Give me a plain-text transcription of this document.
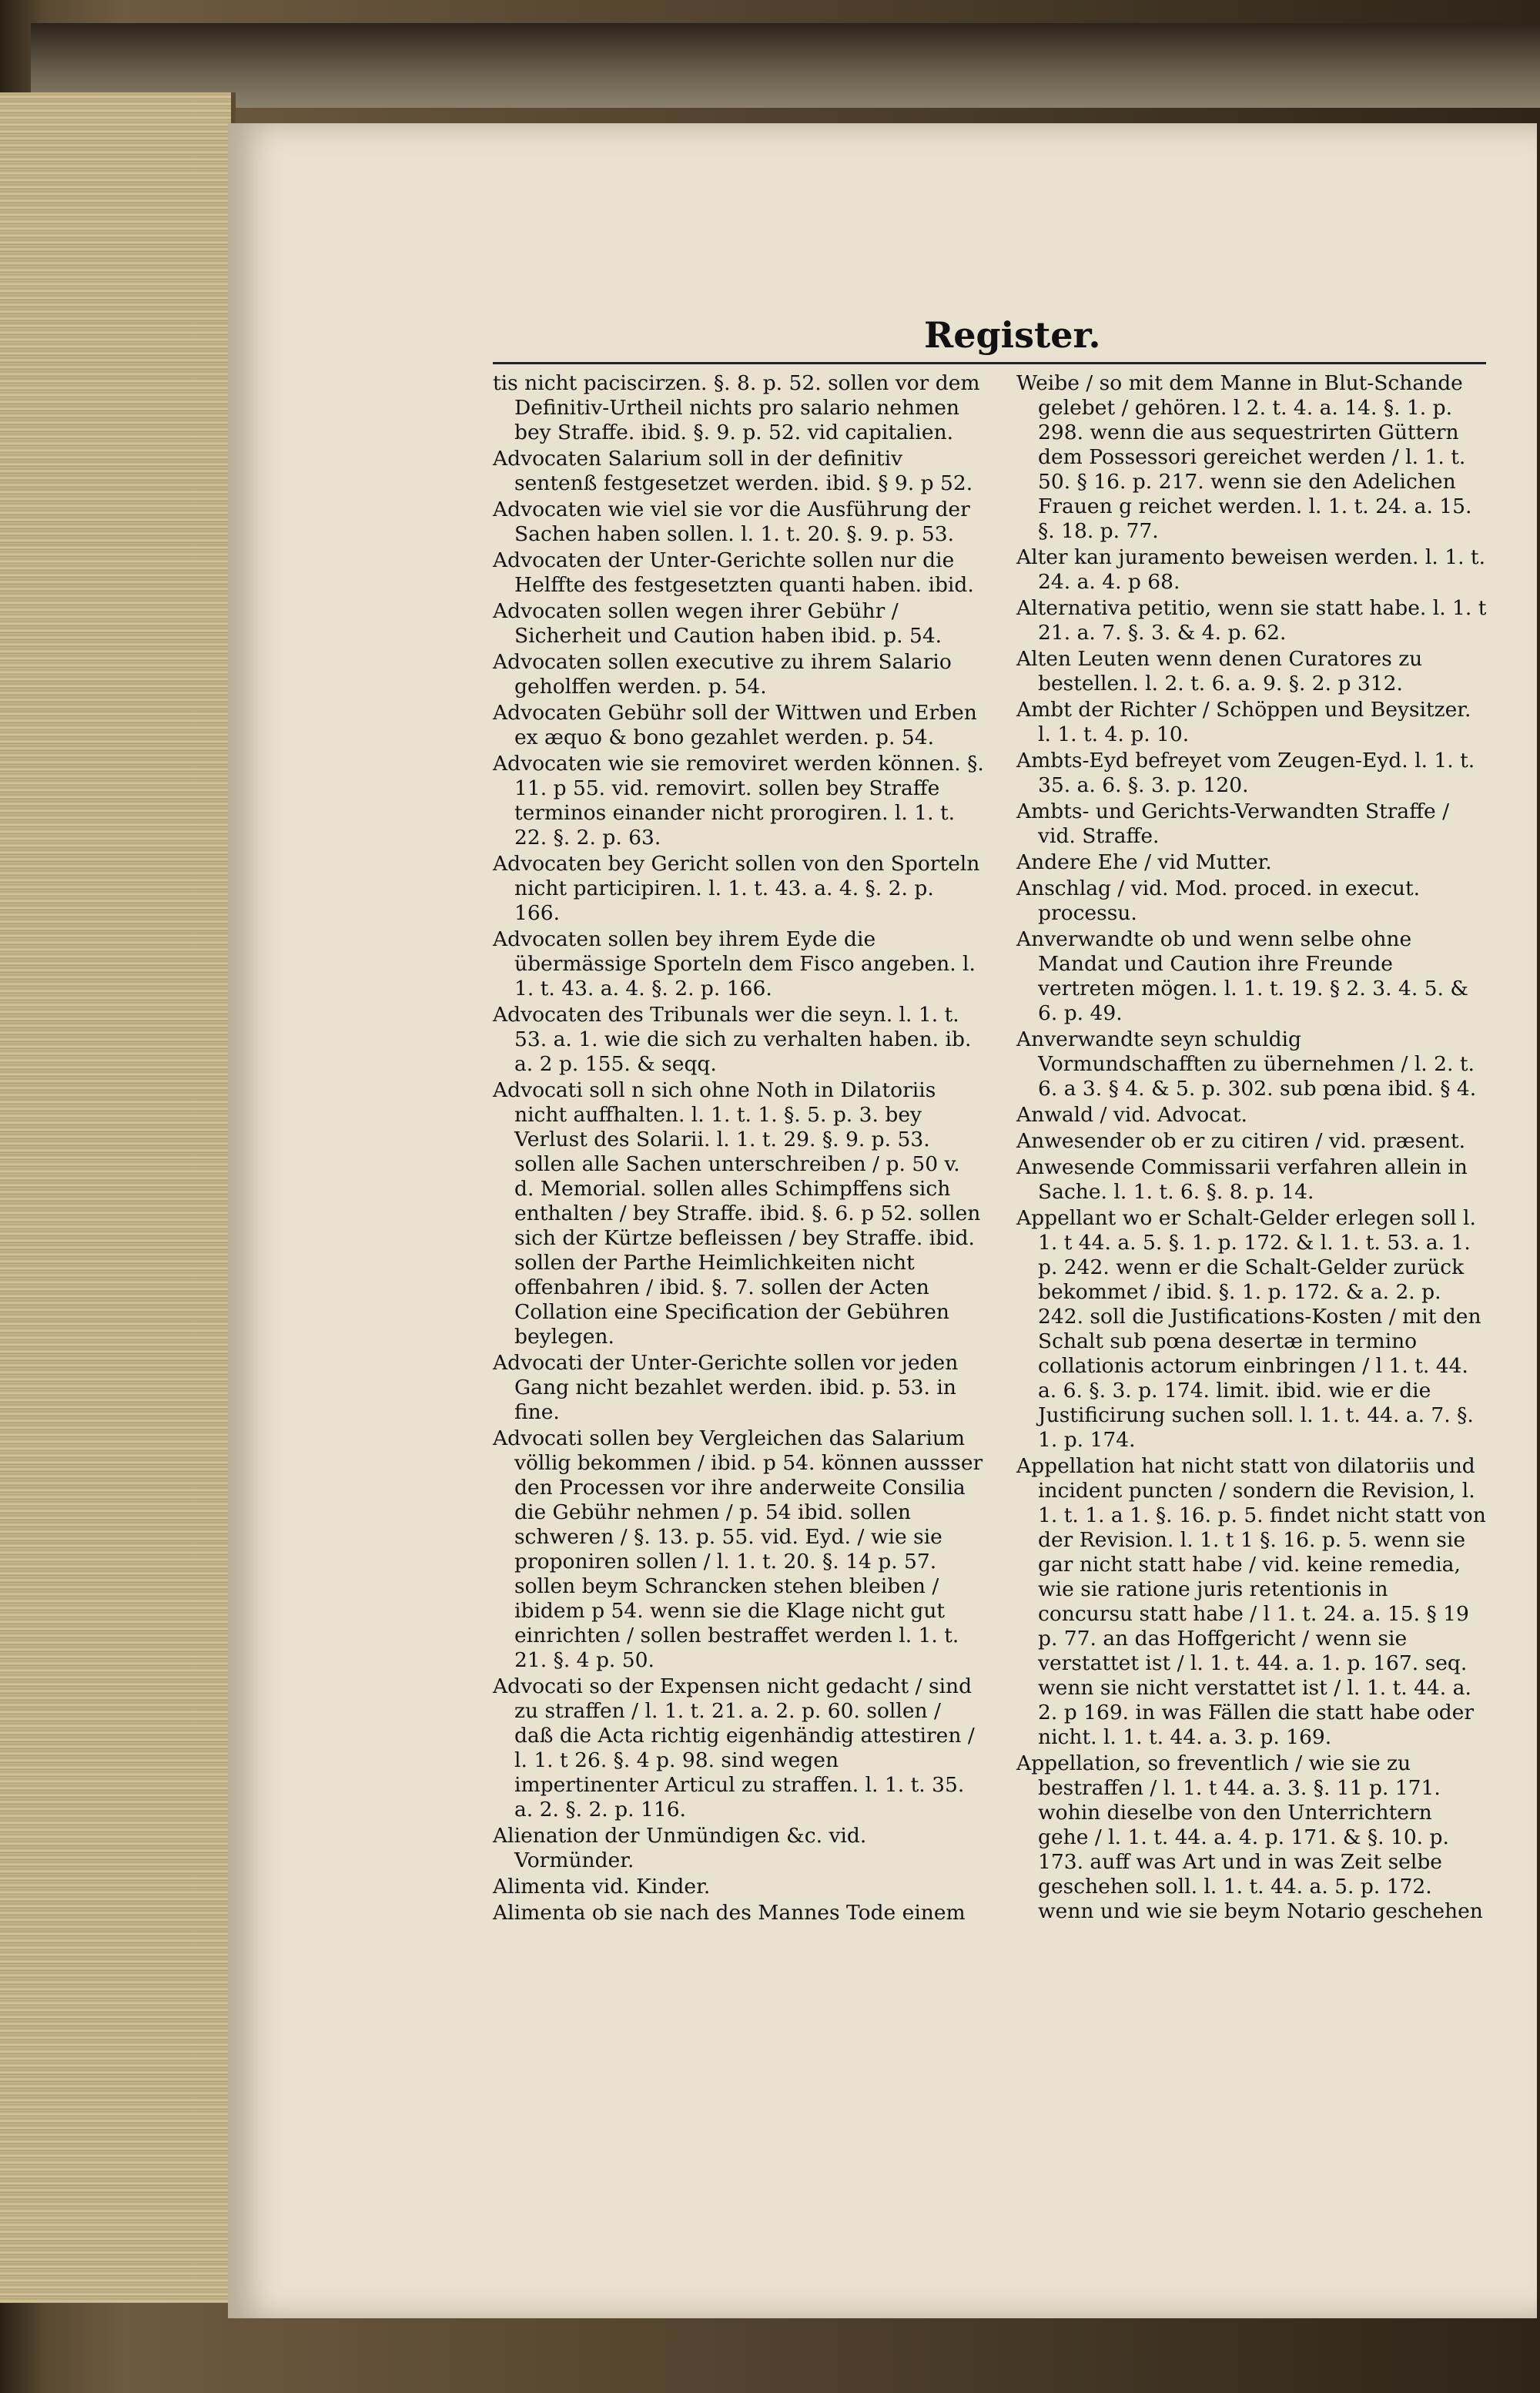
Register.

tis nicht paciscirzen. §. 8. p. 52. sollen vor dem Definitiv-Urtheil nichts pro salario nehmen bey Straffe. ibid. §. 9. p. 52. vid capitalien.

Advocaten Salarium soll in der definitiv sentenß festgesetzet werden. ibid. § 9. p 52.

Advocaten wie viel sie vor die Ausführung der Sachen haben sollen. l. 1. t. 20. §. 9. p. 53.

Advocaten der Unter-Gerichte sollen nur die Helffte des festgesetzten quanti haben. ibid.

Advocaten sollen wegen ihrer Gebühr / Sicherheit und Caution haben ibid. p. 54.

Advocaten sollen executive zu ihrem Salario geholffen werden. p. 54.

Advocaten Gebühr soll der Wittwen und Erben ex æquo & bono gezahlet werden. p. 54.

Advocaten wie sie removiret werden können. §. 11. p 55. vid. removirt. sollen bey Straffe terminos einander nicht prorogiren. l. 1. t. 22. §. 2. p. 63.

Advocaten bey Gericht sollen von den Sporteln nicht participiren. l. 1. t. 43. a. 4. §. 2. p. 166.

Advocaten sollen bey ihrem Eyde die übermässige Sporteln dem Fisco angeben. l. 1. t. 43. a. 4. §. 2. p. 166.

Advocaten des Tribunals wer die seyn. l. 1. t. 53. a. 1. wie die sich zu verhalten haben. ib. a. 2 p. 155. & seqq.

Advocati soll n sich ohne Noth in Dilatoriis nicht auffhalten. l. 1. t. 1. §. 5. p. 3. bey Verlust des Solarii. l. 1. t. 29. §. 9. p. 53. sollen alle Sachen unterschreiben / p. 50 v. d. Memorial. sollen alles Schimpffens sich enthalten / bey Straffe. ibid. §. 6. p 52. sollen sich der Kürtze befleissen / bey Straffe. ibid. sollen der Parthe Heimlichkeiten nicht offenbahren / ibid. §. 7. sollen der Acten Collation eine Specification der Gebühren beylegen.

Advocati der Unter-Gerichte sollen vor jeden Gang nicht bezahlet werden. ibid. p. 53. in fine.

Advocati sollen bey Vergleichen das Salarium völlig bekommen / ibid. p 54. können aussser den Processen vor ihre anderweite Consilia die Gebühr nehmen / p. 54 ibid. sollen schweren / §. 13. p. 55. vid. Eyd. / wie sie proponiren sollen / l. 1. t. 20. §. 14 p. 57. sollen beym Schrancken stehen bleiben / ibidem p 54. wenn sie die Klage nicht gut einrichten / sollen bestraffet werden l. 1. t. 21. §. 4 p. 50.

Advocati so der Expensen nicht gedacht / sind zu straffen / l. 1. t. 21. a. 2. p. 60. sollen / daß die Acta richtig eigenhändig attestiren / l. 1. t 26. §. 4 p. 98. sind wegen impertinenter Articul zu straffen. l. 1. t. 35. a. 2. §. 2. p. 116.

Alienation der Unmündigen &c. vid. Vormünder.

Alimenta vid. Kinder.

Alimenta ob sie nach des Mannes Tode einem

Weibe / so mit dem Manne in Blut-Schande gelebet / gehören. l 2. t. 4. a. 14. §. 1. p. 298. wenn die aus sequestrirten Güttern dem Possessori gereichet werden / l. 1. t. 50. § 16. p. 217. wenn sie den Adelichen Frauen g reichet werden. l. 1. t. 24. a. 15. §. 18. p. 77.

Alter kan juramento beweisen werden. l. 1. t. 24. a. 4. p 68.

Alternativa petitio, wenn sie statt habe. l. 1. t 21. a. 7. §. 3. & 4. p. 62.

Alten Leuten wenn denen Curatores zu bestellen. l. 2. t. 6. a. 9. §. 2. p 312.

Ambt der Richter / Schöppen und Beysitzer. l. 1. t. 4. p. 10.

Ambts-Eyd befreyet vom Zeugen-Eyd. l. 1. t. 35. a. 6. §. 3. p. 120.

Ambts- und Gerichts-Verwandten Straffe / vid. Straffe.

Andere Ehe / vid Mutter.

Anschlag / vid. Mod. proced. in execut. processu.

Anverwandte ob und wenn selbe ohne Mandat und Caution ihre Freunde vertreten mögen. l. 1. t. 19. § 2. 3. 4. 5. & 6. p. 49.

Anverwandte seyn schuldig Vormundschafften zu übernehmen / l. 2. t. 6. a 3. § 4. & 5. p. 302. sub pœna ibid. § 4.

Anwald / vid. Advocat.

Anwesender ob er zu citiren / vid. præsent.

Anwesende Commissarii verfahren allein in Sache. l. 1. t. 6. §. 8. p. 14.

Appellant wo er Schalt-Gelder erlegen soll l. 1. t 44. a. 5. §. 1. p. 172. & l. 1. t. 53. a. 1. p. 242. wenn er die Schalt-Gelder zurück bekommet / ibid. §. 1. p. 172. & a. 2. p. 242. soll die Justifications-Kosten / mit den Schalt sub pœna desertæ in termino collationis actorum einbringen / l 1. t. 44. a. 6. §. 3. p. 174. limit. ibid. wie er die Justificirung suchen soll. l. 1. t. 44. a. 7. §. 1. p. 174.

Appellation hat nicht statt von dilatoriis und incident puncten / sondern die Revision, l. 1. t. 1. a 1. §. 16. p. 5. findet nicht statt von der Revision. l. 1. t 1 §. 16. p. 5. wenn sie gar nicht statt habe / vid. keine remedia, wie sie ratione juris retentionis in concursu statt habe / l 1. t. 24. a. 15. § 19 p. 77. an das Hoffgericht / wenn sie verstattet ist / l. 1. t. 44. a. 1. p. 167. seq. wenn sie nicht verstattet ist / l. 1. t. 44. a. 2. p 169. in was Fällen die statt habe oder nicht. l. 1. t. 44. a. 3. p. 169.

Appellation, so freventlich / wie sie zu bestraffen / l. 1. t 44. a. 3. §. 11 p. 171. wohin dieselbe von den Unterrichtern gehe / l. 1. t. 44. a. 4. p. 171. & §. 10. p. 173. auff was Art und in was Zeit selbe geschehen soll. l. 1. t. 44. a. 5. p. 172. wenn und wie sie beym Notario geschehen
